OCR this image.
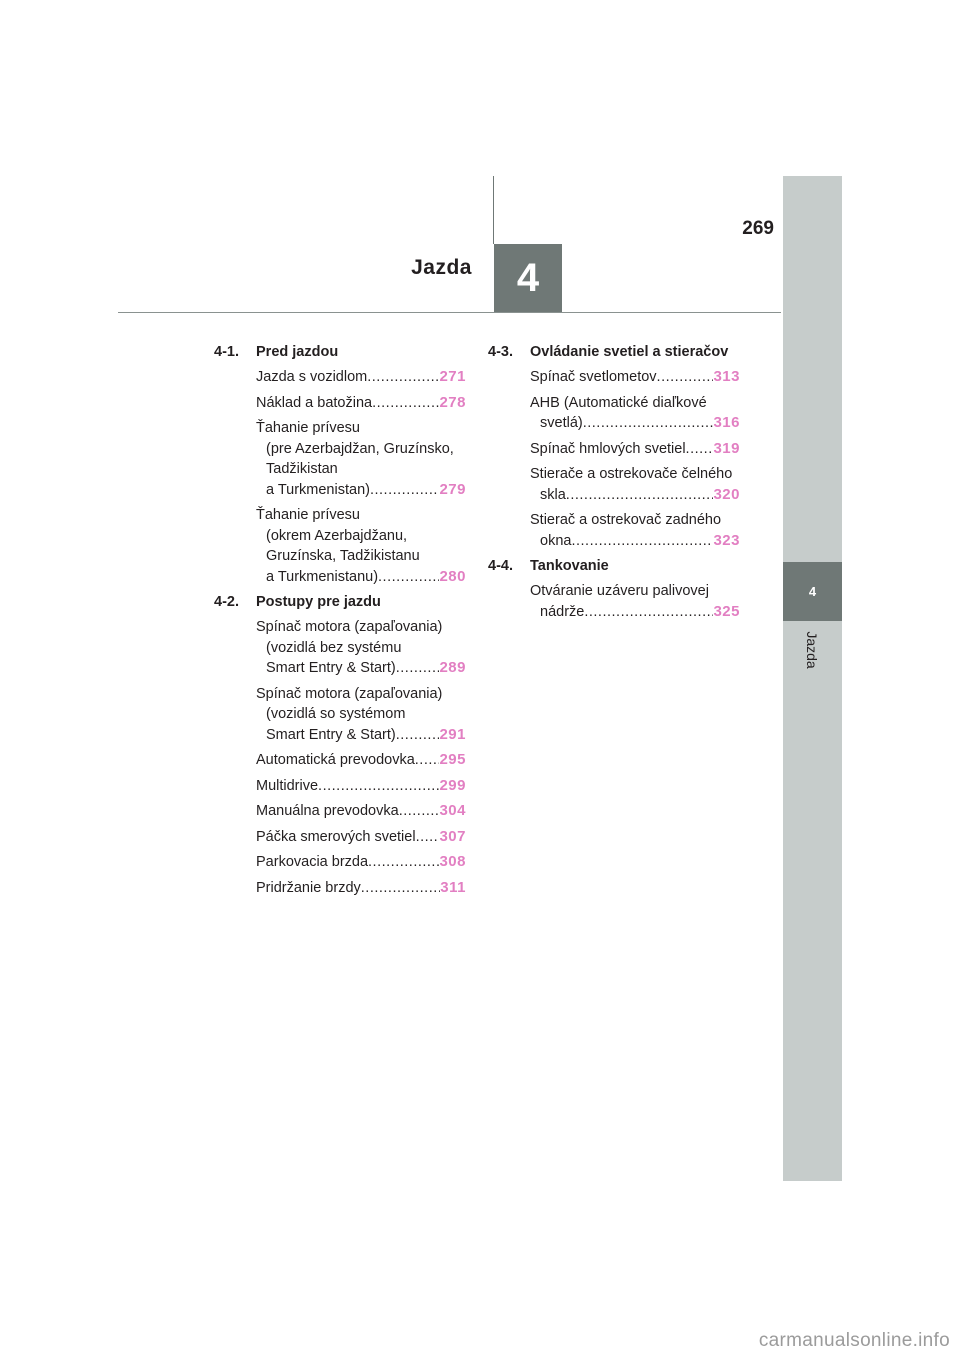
269
Jazda	4
4
Jazda
4-1.	Pred jazdou
Jazda s vozidlom .....	271
Náklad a batožina .....	278
Ťahanie prívesu
(pre Azerbajdžan, Gruzínsko,
Tadžikistan
a Turkmenistan) .....	279
Ťahanie prívesu
(okrem Azerbajdžanu,
Gruzínska, Tadžikistanu
a Turkmenistanu) .....	280
4-2.	Postupy pre jazdu
Spínač motora (zapaľovania)
(vozidlá bez systému
Smart Entry & Start) .....	289
Spínač motora (zapaľovania)
(vozidlá so systémom
Smart Entry & Start) .....	291
Automatická prevodovka ..... 295
Multidrive .....	299
Manuálna prevodovka .....	304
Páčka smerových svetiel ..... 307
Parkovacia brzda .....	308
Pridržanie brzdy .....	311
4-3.	Ovládanie svetiel a stieračov
Spínač svetlometov .....	313
AHB (Automatické diaľkové
svetlá) .....	316
Spínač hmlových svetiel ..... 319
Stierače a ostrekovače čelného
skla .....	320
Stierač a ostrekovač zadného
okna .....	323
4-4.	Tankovanie
Otváranie uzáveru palivovej
nádrže .....	325
carmanualsonline.info
